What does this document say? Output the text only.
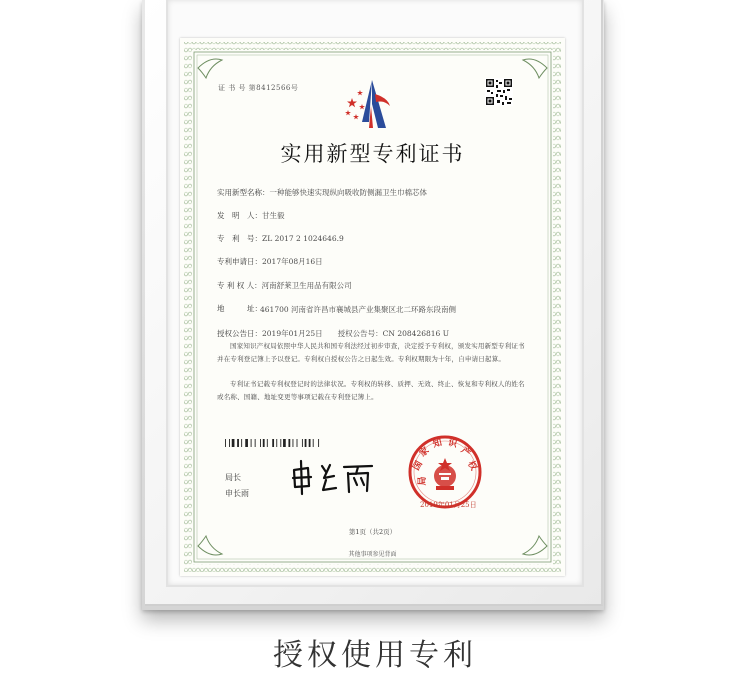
证 书 号 第8412566号
实用新型专利证书
实用新型名称：一种能够快速实现纵向吸收防侧漏卫生巾棉芯体
发　明　人：甘生毅
专　利　号：ZL 2017 2 1024646.9
专利申请日：2017年08月16日
专 利 权 人：河南舒莱卫生用品有限公司
地　　　址：
461700 河南省许昌市襄城县产业集聚区北二环路东段南侧
授权公告日：2019年01月25日　　授权公告号：CN 208426816 U
国家知识产权局依照中华人民共和国专利法经过初步审查，决定授予专利权，颁发实用新型专利证书并在专利登记簿上予以登记。专利权自授权公告之日起生效。专利权期限为十年，自申请日起算。
专利证书记载专利权登记时的法律状况。专利权的转移、质押、无效、终止、恢复和专利权人的姓名或名称、国籍、地址变更等事项记载在专利登记簿上。
局长
申长雨
国
家
知 识
产
权
局
2019年01月25日
第1页（共2页）
其他事项参见背面
授权使用专利
